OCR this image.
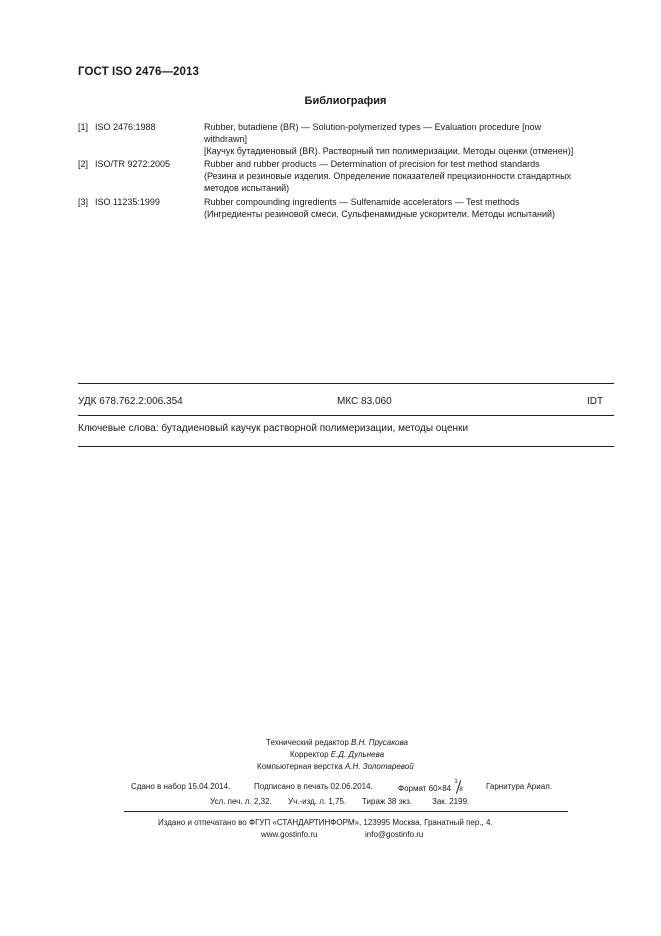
ГОСТ ISO 2476—2013
Библиография
[1] ISO 2476:1988	Rubber, butadiene (BR) — Solution-polymerized types — Evaluation procedure [now
withdrawn]
[Каучук бутадиеновый (BR). Растворный тип полимеризации. Методы оценки (отменен)]
[2] ISO/TR 9272:2005	Rubber and rubber products — Determination of precision for test method standards
(Резина и резиновые изделия. Определение показателей прецизионности стандартных
методов испытаний)
[3] ISO 11235:1999	Rubber compounding ingredients — Sulfenamide accelerators — Test methods
(Ингредиенты резиновой смеси. Сульфенамидные ускорители. Методы испытаний)
УДК 678.762.2:006.354	МКС 83.060	IDT
Ключевые слова: бутадиеновый каучук растворной полимеризации, методы оценки
Технический редактор В.Н. Прусакова
Корректор Е.Д. Дульнева
Компьютерная верстка А.Н. Золотаревой
Сдано в набор 15.04.2014.	Подписано в печать 02.06.2014.	Формат 60×84
1
8	Гарнитура Ариал.
Усл. печ. л. 2,32. Уч.-изд. л. 1,75. Тираж 38 экз. Зак. 2199.
Издано и отпечатано во ФГУП «СТАНДАРТИНФОРМ», 123995 Москва, Гранатный пер., 4.
www.gostinfo.ru	info@gostinfo.ru
